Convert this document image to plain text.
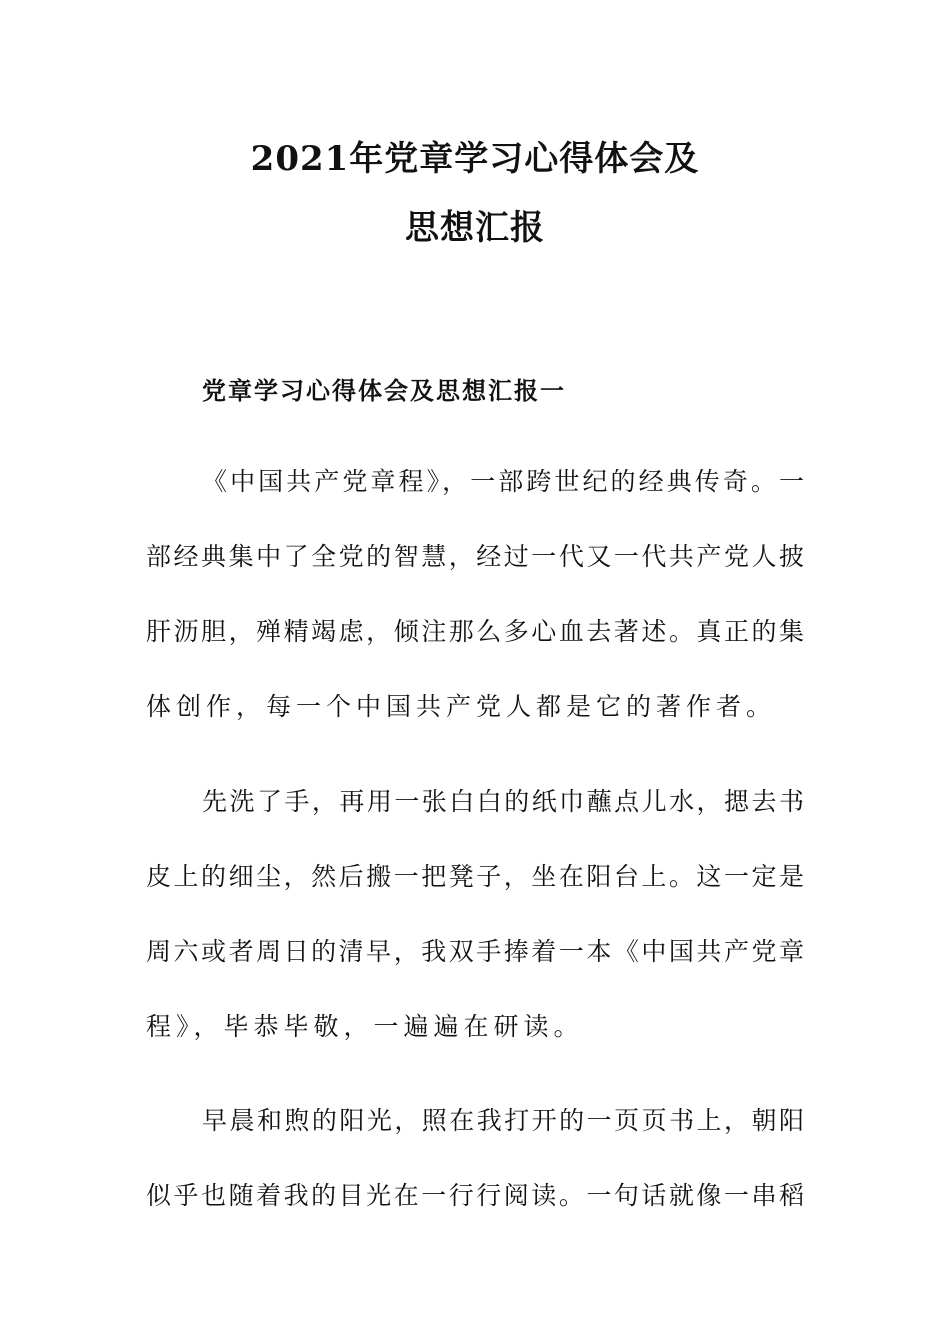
2021年党章学习心得体会及
思想汇报
党章学习心得体会及思想汇报一
《中国共产党章程》，一部跨世纪的经典传奇。一
部经典集中了全党的智慧，经过一代又一代共产党人披
肝沥胆，殚精竭虑，倾注那么多心血去著述。真正的集
体创作，每一个中国共产党人都是它的著作者。
先洗了手，再用一张白白的纸巾蘸点儿水，揌去书
皮上的细尘，然后搬一把凳子，坐在阳台上。这一定是
周六或者周日的清早，我双手捧着一本《中国共产党章
程》，毕恭毕敬，一遍遍在研读。
早晨和煦的阳光，照在我打开的一页页书上，朝阳
似乎也随着我的目光在一行行阅读。一句话就像一串稻
